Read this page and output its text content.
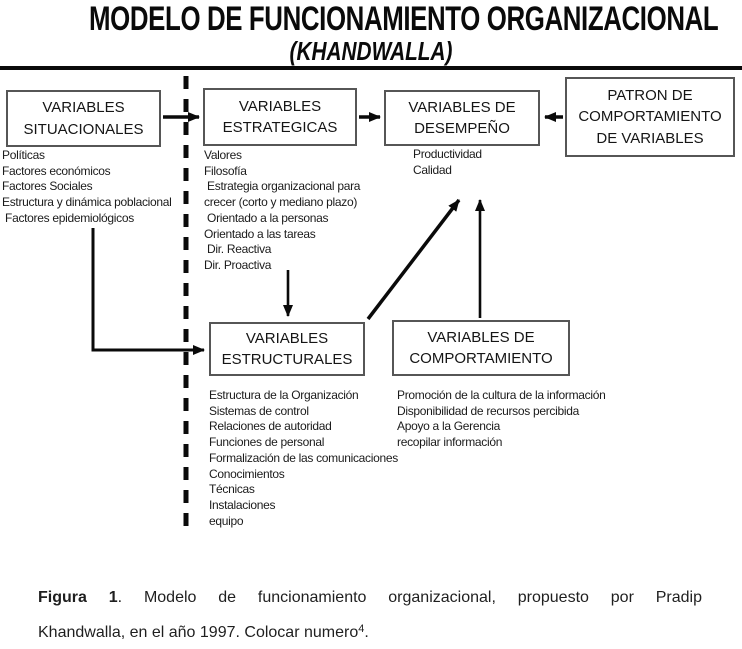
MODELO DE FUNCIONAMIENTO ORGANIZACIONAL
(KHANDWALLA)
VARIABLES SITUACIONALES
VARIABLES ESTRATEGICAS
VARIABLES DE DESEMPEÑO
PATRON DE COMPORTAMIENTO DE VARIABLES
VARIABLES ESTRUCTURALES
VARIABLES DE COMPORTAMIENTO
Políticas
Factores económicos
Factores Sociales
Estructura y dinámica poblacional
Factores epidemiológicos
Valores
Filosofía
Estrategia organizacional para
crecer (corto y mediano plazo)
Orientado a la personas
Orientado a las tareas
Dir. Reactiva
Dir. Proactiva
Productividad
Calidad
Estructura de la Organización
Sistemas de control
Relaciones de autoridad
Funciones de personal
Formalización de las comunicaciones
Conocimientos
Técnicas
Instalaciones
equipo
Promoción de la cultura de la información
Disponibilidad de recursos percibida
Apoyo a la Gerencia
recopilar información
Figura 1. Modelo de funcionamiento organizacional, propuesto por Pradip
Khandwalla, en el año 1997. Colocar numero$^4$.
